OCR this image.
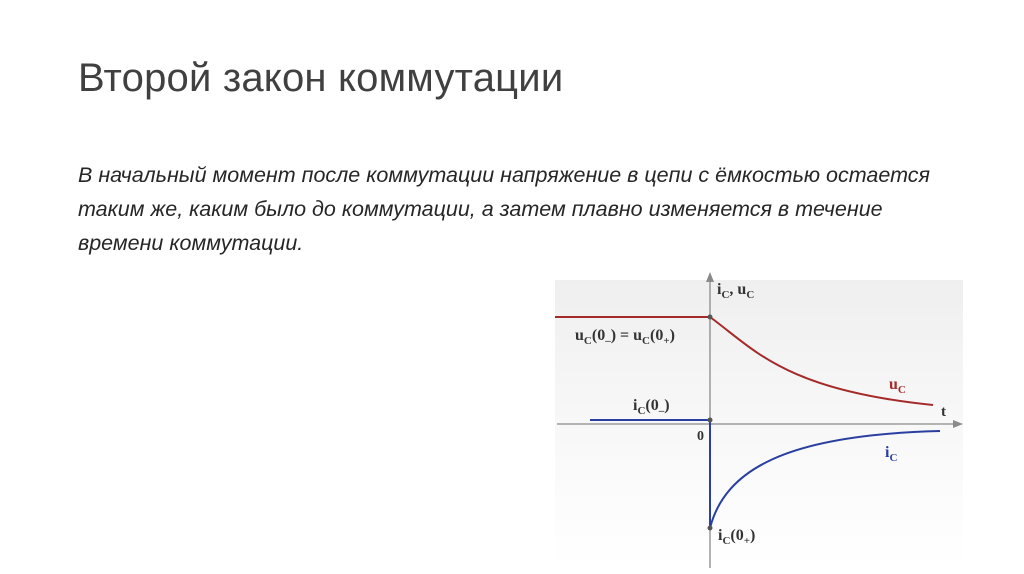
Второй закон коммутации

В начальный момент после коммутации напряжение в цепи с ёмкостью остается таким же, каким было до коммутации, а затем плавно изменяется в течение времени коммутации.

$i_C$, $u_C$
t
0
$u_C(0_-) = u_C(0_+)$
$i_C(0_-)$
$i_C(0_+)$
$u_C$
$i_C$
